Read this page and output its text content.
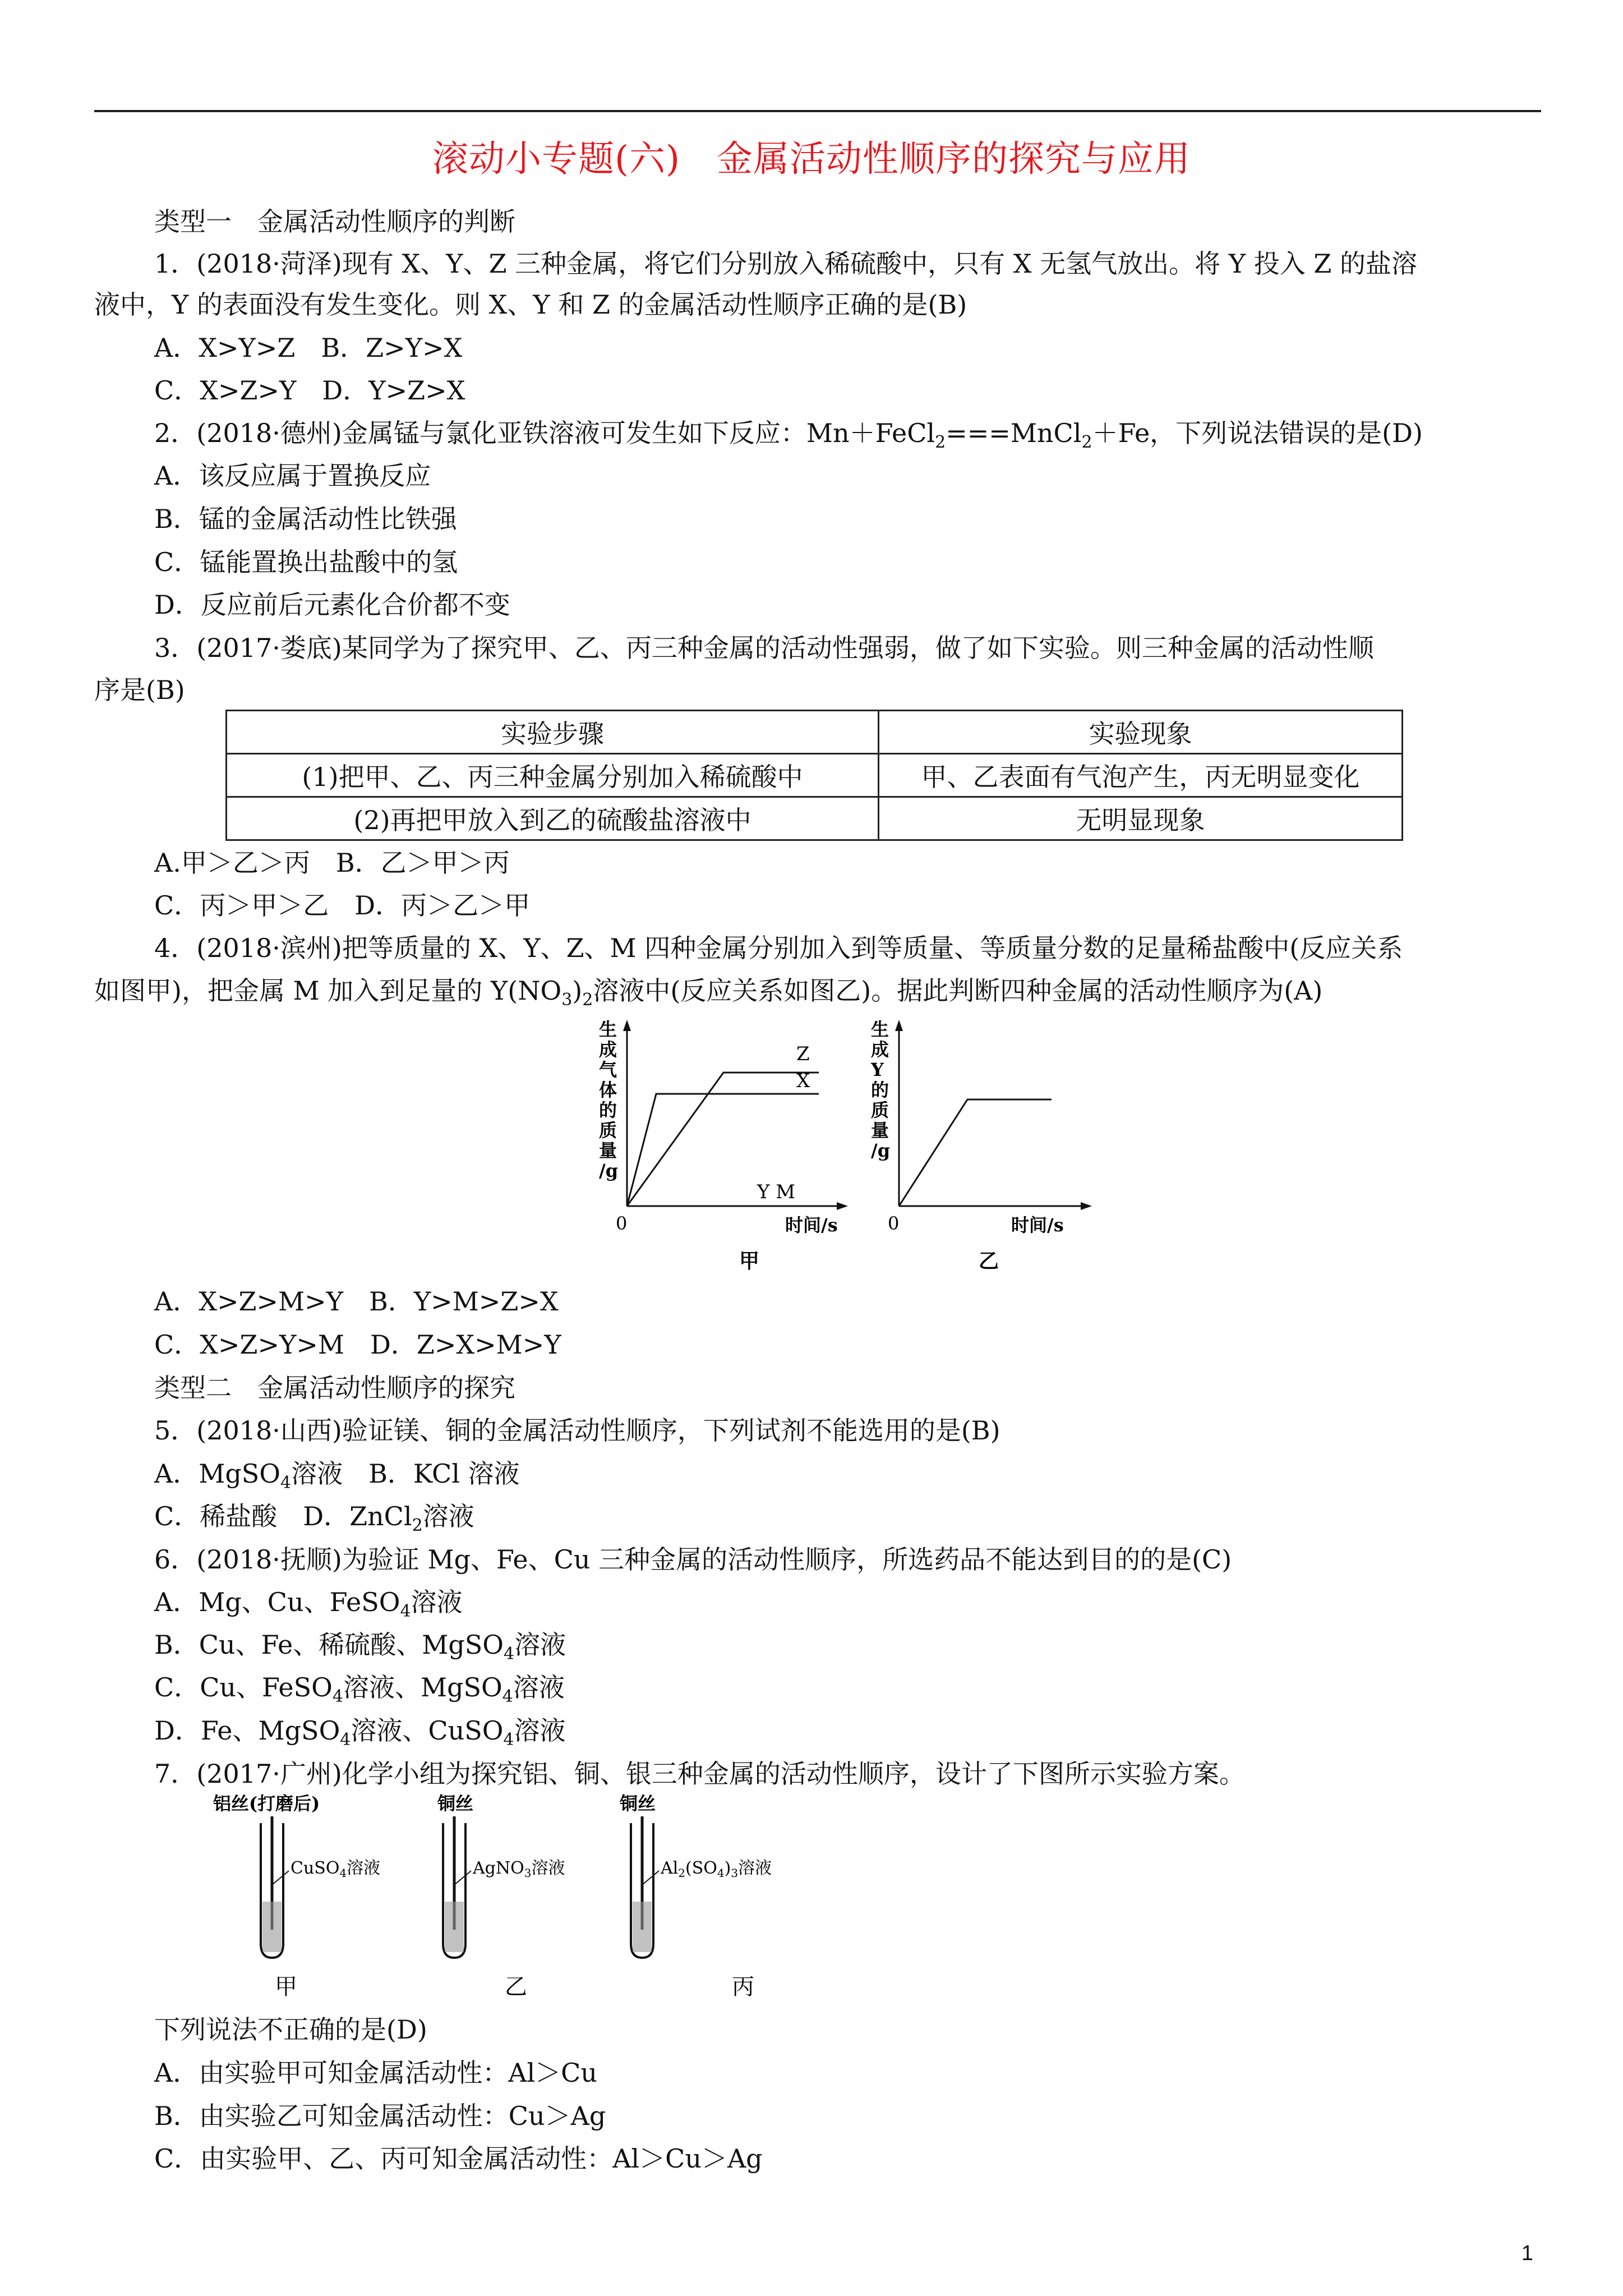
滚动小专题(六)　金属活动性顺序的探究与应用
类型一　金属活动性顺序的判断
1．(2018·菏泽)现有 X、Y、Z 三种金属，将它们分别放入稀硫酸中，只有 X 无氢气放出。将 Y 投入 Z 的盐溶
液中，Y 的表面没有发生变化。则 X、Y 和 Z 的金属活动性顺序正确的是(B)
A．X>Y>Z　B．Z>Y>X
C．X>Z>Y　D．Y>Z>X
2．(2018·德州)金属锰与氯化亚铁溶液可发生如下反应：Mn＋FeCl$_2$===MnCl$_2$＋Fe，下列说法错误的是(D)
A．该反应属于置换反应
B．锰的金属活动性比铁强
C．锰能置换出盐酸中的氢
D．反应前后元素化合价都不变
3．(2017·娄底)某同学为了探究甲、乙、丙三种金属的活动性强弱，做了如下实验。则三种金属的活动性顺
序是(B)
实验步骤	实验现象
(1)把甲、乙、丙三种金属分别加入稀硫酸中	甲、乙表面有气泡产生，丙无明显变化
(2)再把甲放入到乙的硫酸盐溶液中	无明显现象
A.甲＞乙＞丙　B．乙＞甲＞丙
C．丙＞甲＞乙　D．丙＞乙＞甲
4．(2018·滨州)把等质量的 X、Y、Z、M 四种金属分别加入到等质量、等质量分数的足量稀盐酸中(反应关系
如图甲)，把金属 M 加入到足量的 $Y(NO_3)_2$溶液中(反应关系如图乙)。据此判断四种金属的活动性顺序为(A)
生
成
气
体
的
质
量
/g
Z
X
Y M
0	时间/s
甲
生
成
Y
的
质
量
/g
0	时间/s
乙
A．X>Z>M>Y　B．Y>M>Z>X
C．X>Z>Y>M　D．Z>X>M>Y
类型二　金属活动性顺序的探究
5．(2018·山西)验证镁、铜的金属活动性顺序，下列试剂不能选用的是(B)
A．MgSO$_4$溶液　B．KCl 溶液
C．稀盐酸　D．ZnCl$_2$溶液
6．(2018·抚顺)为验证 Mg、Fe、Cu 三种金属的活动性顺序，所选药品不能达到目的的是(C)
A．Mg、Cu、FeSO$_4$溶液
B．Cu、Fe、稀硫酸、MgSO$_4$溶液
C．Cu、FeSO$_4$溶液、MgSO$_4$溶液
D．Fe、MgSO$_4$溶液、CuSO$_4$溶液
7．(2017·广州)化学小组为探究铝、铜、银三种金属的活动性顺序，设计了下图所示实验方案。
铝丝(打磨后)
CuSO$_4$溶液
甲
铜丝
AgNO$_3$溶液
乙
铜丝
$Al_2(SO_4)_3$溶液
丙
下列说法不正确的是(D)
A．由实验甲可知金属活动性：Al＞Cu
B．由实验乙可知金属活动性：Cu＞Ag
C．由实验甲、乙、丙可知金属活动性：Al＞Cu＞Ag
1
